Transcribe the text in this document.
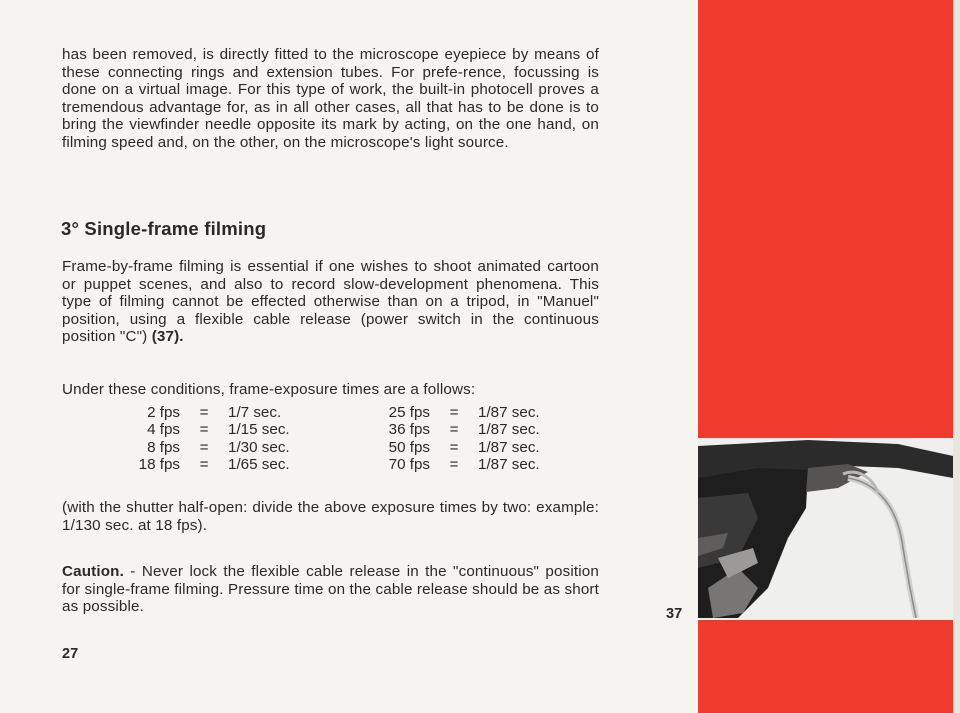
has been removed, is directly fitted to the microscope eyepiece by means of these connecting rings and extension tubes. For prefe-rence, focussing is done on a virtual image. For this type of work, the built-in photocell proves a tremendous advantage for, as in all other cases, all that has to be done is to bring the viewfinder needle opposite its mark by acting, on the one hand, on filming speed and, on the other, on the microscope's light source.

3° Single-frame filming

Frame-by-frame filming is essential if one wishes to shoot animated cartoon or puppet scenes, and also to record slow-development phenomena. This type of filming cannot be effected otherwise than on a tripod, in "Manuel" position, using a flexible cable release (power switch in the continuous position "C") (37).

Under these conditions, frame-exposure times are a follows:

2 fps	=	1/7 sec.		25 fps	=	1/87 sec.
4 fps	=	1/15 sec.		36 fps	=	1/87 sec.
8 fps	=	1/30 sec.		50 fps	=	1/87 sec.
18 fps	=	1/65 sec.		70 fps	=	1/87 sec.

(with the shutter half-open: divide the above exposure times by two: example: 1/130 sec. at 18 fps).

Caution. - Never lock the flexible cable release in the "continuous" position for single-frame filming. Pressure time on the cable release should be as short as possible.

27

37
